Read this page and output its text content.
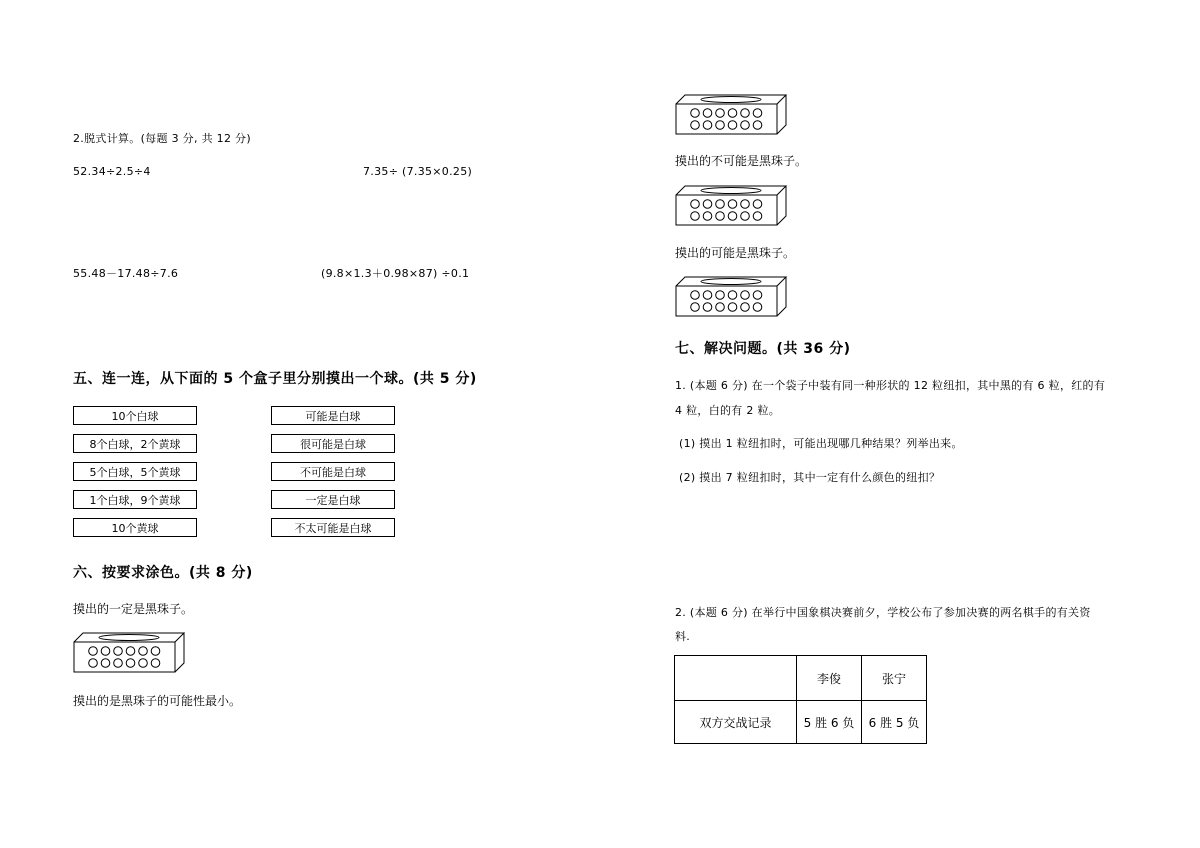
2.脱式计算。(每题 3 分, 共 12 分)
52.34÷2.5÷4	7.35÷ (7.35×0.25)
55.48－17.48÷7.6	(9.8×1.3＋0.98×87) ÷0.1
五、连一连，从下面的 5 个盒子里分别摸出一个球。(共 5 分)
10个白球
8个白球，2个黄球
5个白球，5个黄球
1个白球，9个黄球
10个黄球
可能是白球
很可能是白球
不可能是白球
一定是白球
不太可能是白球
六、按要求涂色。(共 8 分)
摸出的一定是黑珠子。
摸出的是黑珠子的可能性最小。
摸出的不可能是黑珠子。
摸出的可能是黑珠子。
七、解决问题。(共 36 分)
1. (本题 6 分) 在一个袋子中装有同一种形状的 12 粒纽扣，其中黑的有 6 粒，红的有
4 粒，白的有 2 粒。
(1) 摸出 1 粒纽扣时，可能出现哪几种结果？列举出来。
(2) 摸出 7 粒纽扣时，其中一定有什么颜色的纽扣？
2. (本题 6 分) 在举行中国象棋决赛前夕，学校公布了参加决赛的两名棋手的有关资
料.
	李俊	张宁
双方交战记录	5 胜 6 负	6 胜 5 负
